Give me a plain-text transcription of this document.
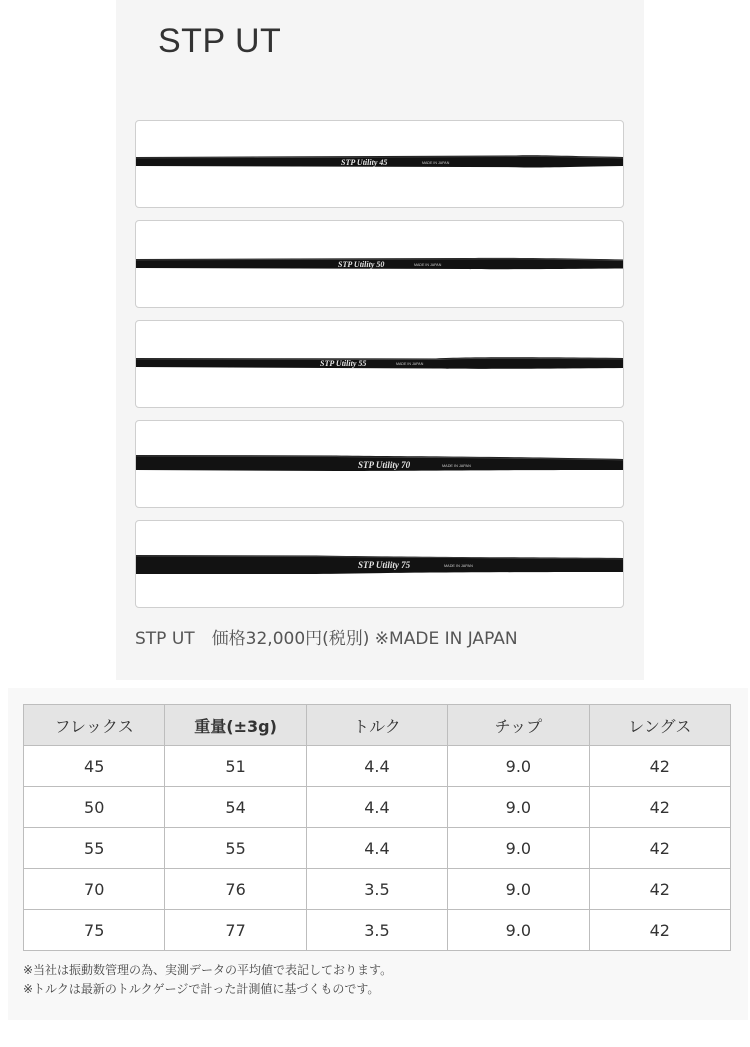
STP UT
STP Utility 45	MADE IN JAPAN
STP Utility 50	MADE IN JAPAN
STP Utility 55	MADE IN JAPAN
STP Utility 70	MADE IN JAPAN
STP Utility 75	MADE IN JAPAN
STP UT　価格32,000円(税別) ※MADE IN JAPAN
フレックス	重量(±3g)	トルク	チップ	レングス
45	51	4.4	9.0	42
50	54	4.4	9.0	42
55	55	4.4	9.0	42
70	76	3.5	9.0	42
75	77	3.5	9.0	42
※当社は振動数管理の為、実測データの平均値で表記しております。
※トルクは最新のトルクゲージで計った計測値に基づくものです。
